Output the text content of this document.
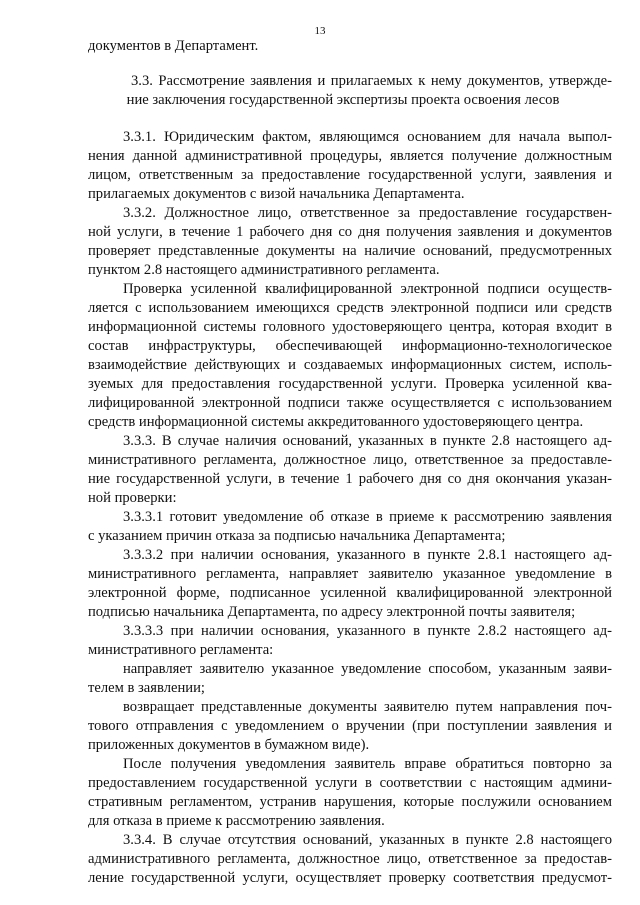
13
документов в Департамент.
3.3. Рассмотрение заявления и прилагаемых к нему документов, утвержде-
ние заключения государственной экспертизы проекта освоения лесов
3.3.1. Юридическим фактом, являющимся основанием для начала выпол-
нения данной административной процедуры, является получение должностным
лицом, ответственным за предоставление государственной услуги, заявления и
прилагаемых документов с визой начальника Департамента.
3.3.2. Должностное лицо, ответственное за предоставление государствен-
ной услуги, в течение 1 рабочего дня со дня получения заявления и документов
проверяет представленные документы на наличие оснований, предусмотренных
пунктом 2.8 настоящего административного регламента.
Проверка усиленной квалифицированной электронной подписи осуществ-
ляется с использованием имеющихся средств электронной подписи или средств
информационной системы головного удостоверяющего центра, которая входит в
состав инфраструктуры, обеспечивающей информационно-технологическое
взаимодействие действующих и создаваемых информационных систем, исполь-
зуемых для предоставления государственной услуги. Проверка усиленной ква-
лифицированной электронной подписи также осуществляется с использованием
средств информационной системы аккредитованного удостоверяющего центра.
3.3.3. В случае наличия оснований, указанных в пункте 2.8 настоящего ад-
министративного регламента, должностное лицо, ответственное за предоставле-
ние государственной услуги, в течение 1 рабочего дня со дня окончания указан-
ной проверки:
3.3.3.1 готовит уведомление об отказе в приеме к рассмотрению заявления
с указанием причин отказа за подписью начальника Департамента;
3.3.3.2 при наличии основания, указанного в пункте 2.8.1 настоящего ад-
министративного регламента, направляет заявителю указанное уведомление в
электронной форме, подписанное усиленной квалифицированной электронной
подписью начальника Департамента, по адресу электронной почты заявителя;
3.3.3.3 при наличии основания, указанного в пункте 2.8.2 настоящего ад-
министративного регламента:
направляет заявителю указанное уведомление способом, указанным заяви-
телем в заявлении;
возвращает представленные документы заявителю путем направления поч-
тового отправления с уведомлением о вручении (при поступлении заявления и
приложенных документов в бумажном виде).
После получения уведомления заявитель вправе обратиться повторно за
предоставлением государственной услуги в соответствии с настоящим админи-
стративным регламентом, устранив нарушения, которые послужили основанием
для отказа в приеме к рассмотрению заявления.
3.3.4. В случае отсутствия оснований, указанных в пункте 2.8 настоящего
административного регламента, должностное лицо, ответственное за предостав-
ление государственной услуги, осуществляет проверку соответствия предусмот-
